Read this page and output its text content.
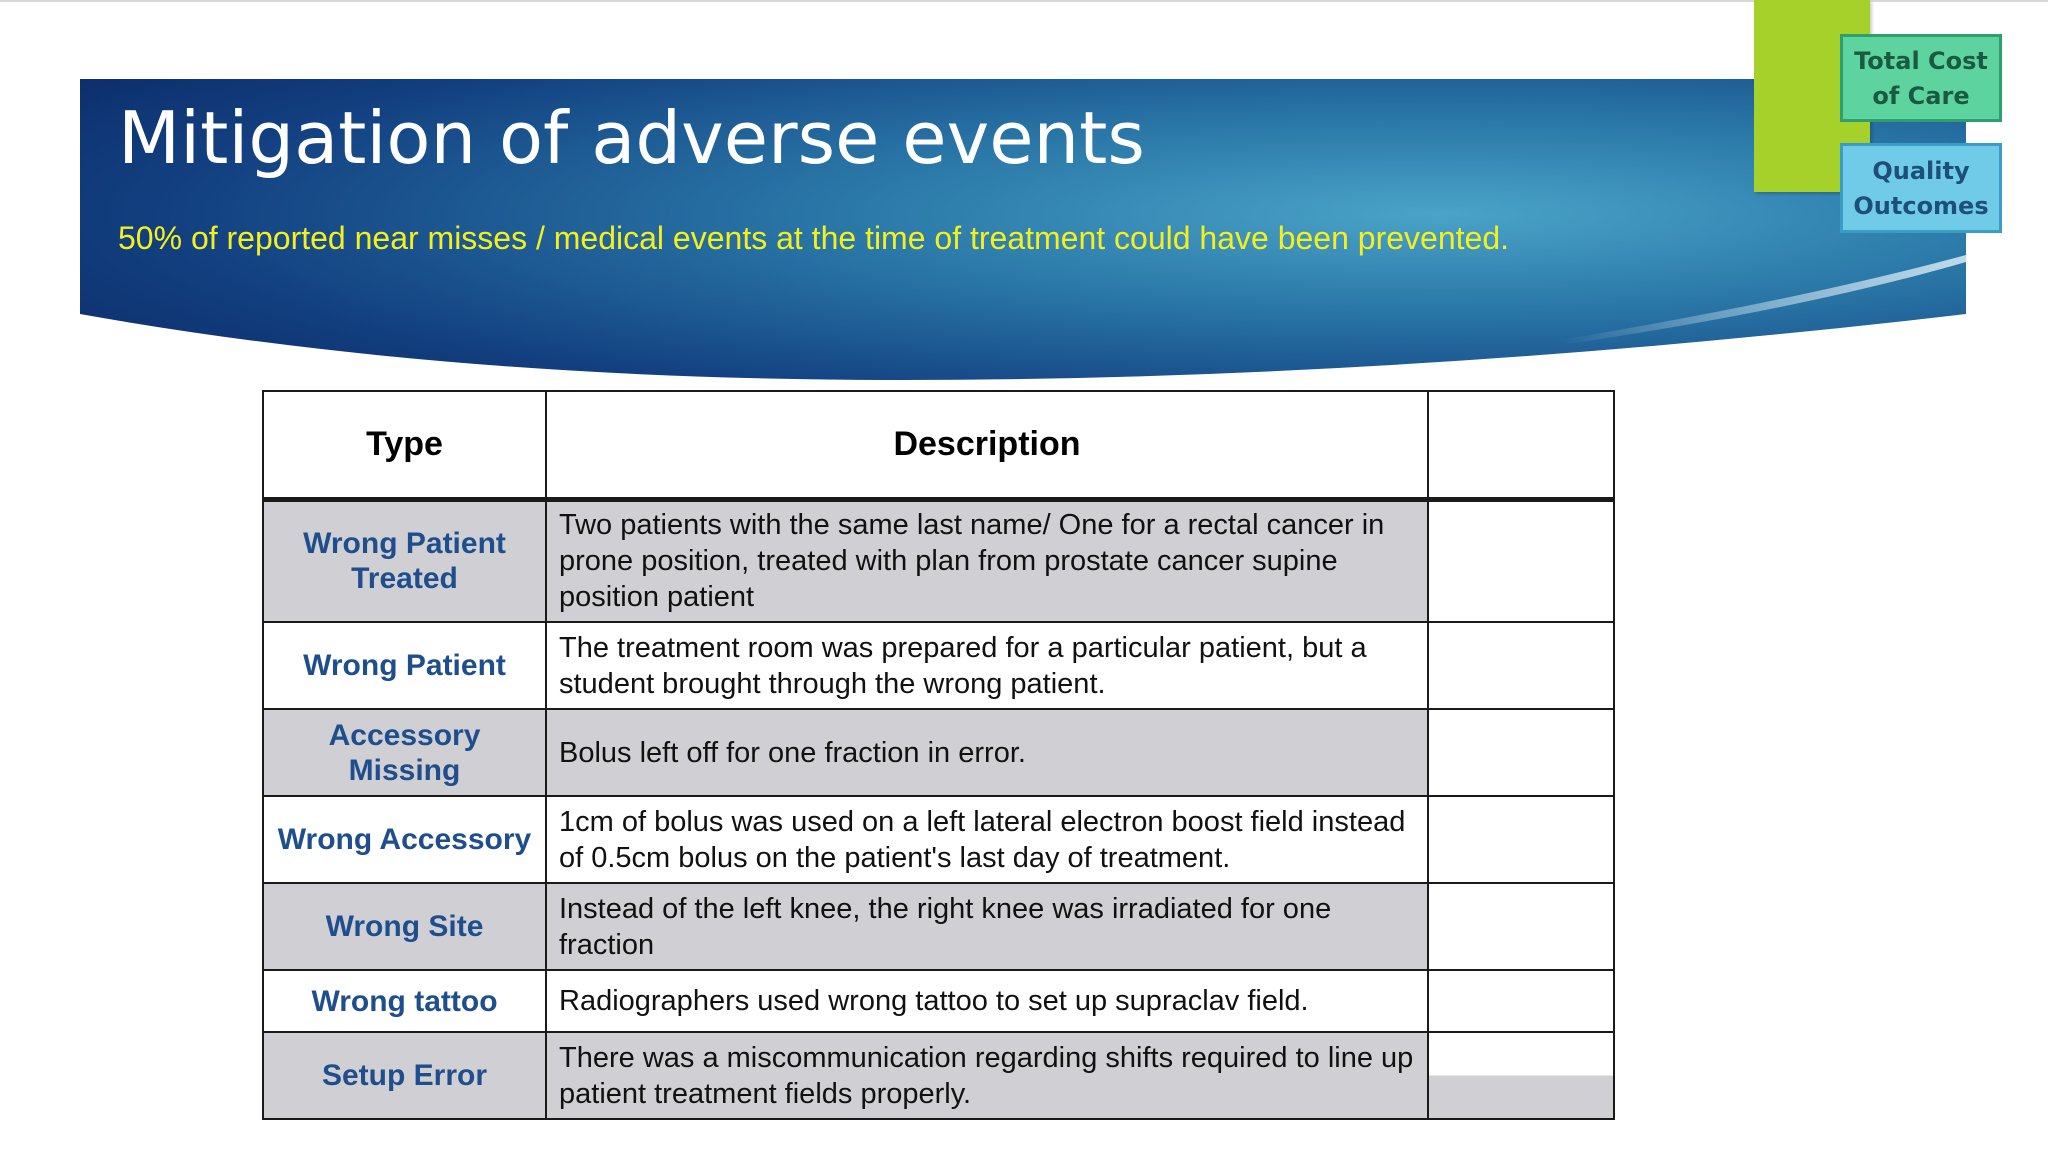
Mitigation of adverse events
50% of reported near misses / medical events at the time of treatment could have been prevented.
Total Cost of Care
Quality Outcomes
Type	Description	
Wrong Patient Treated	Two patients with the same last name/ One for a rectal cancer in prone position, treated with plan from prostate cancer supine position patient	
Wrong Patient	The treatment room was prepared for a particular patient, but a student brought through the wrong patient.	
Accessory Missing	Bolus left off for one fraction in error.	
Wrong Accessory	1cm of bolus was used on a left lateral electron boost field instead of 0.5cm bolus on the patient's last day of treatment.	
Wrong Site	Instead of the left knee, the right knee was irradiated for one fraction	
Wrong tattoo	Radiographers used wrong tattoo to set up supraclav field.	
Setup Error	There was a miscommunication regarding shifts required to line up patient treatment fields properly.	
